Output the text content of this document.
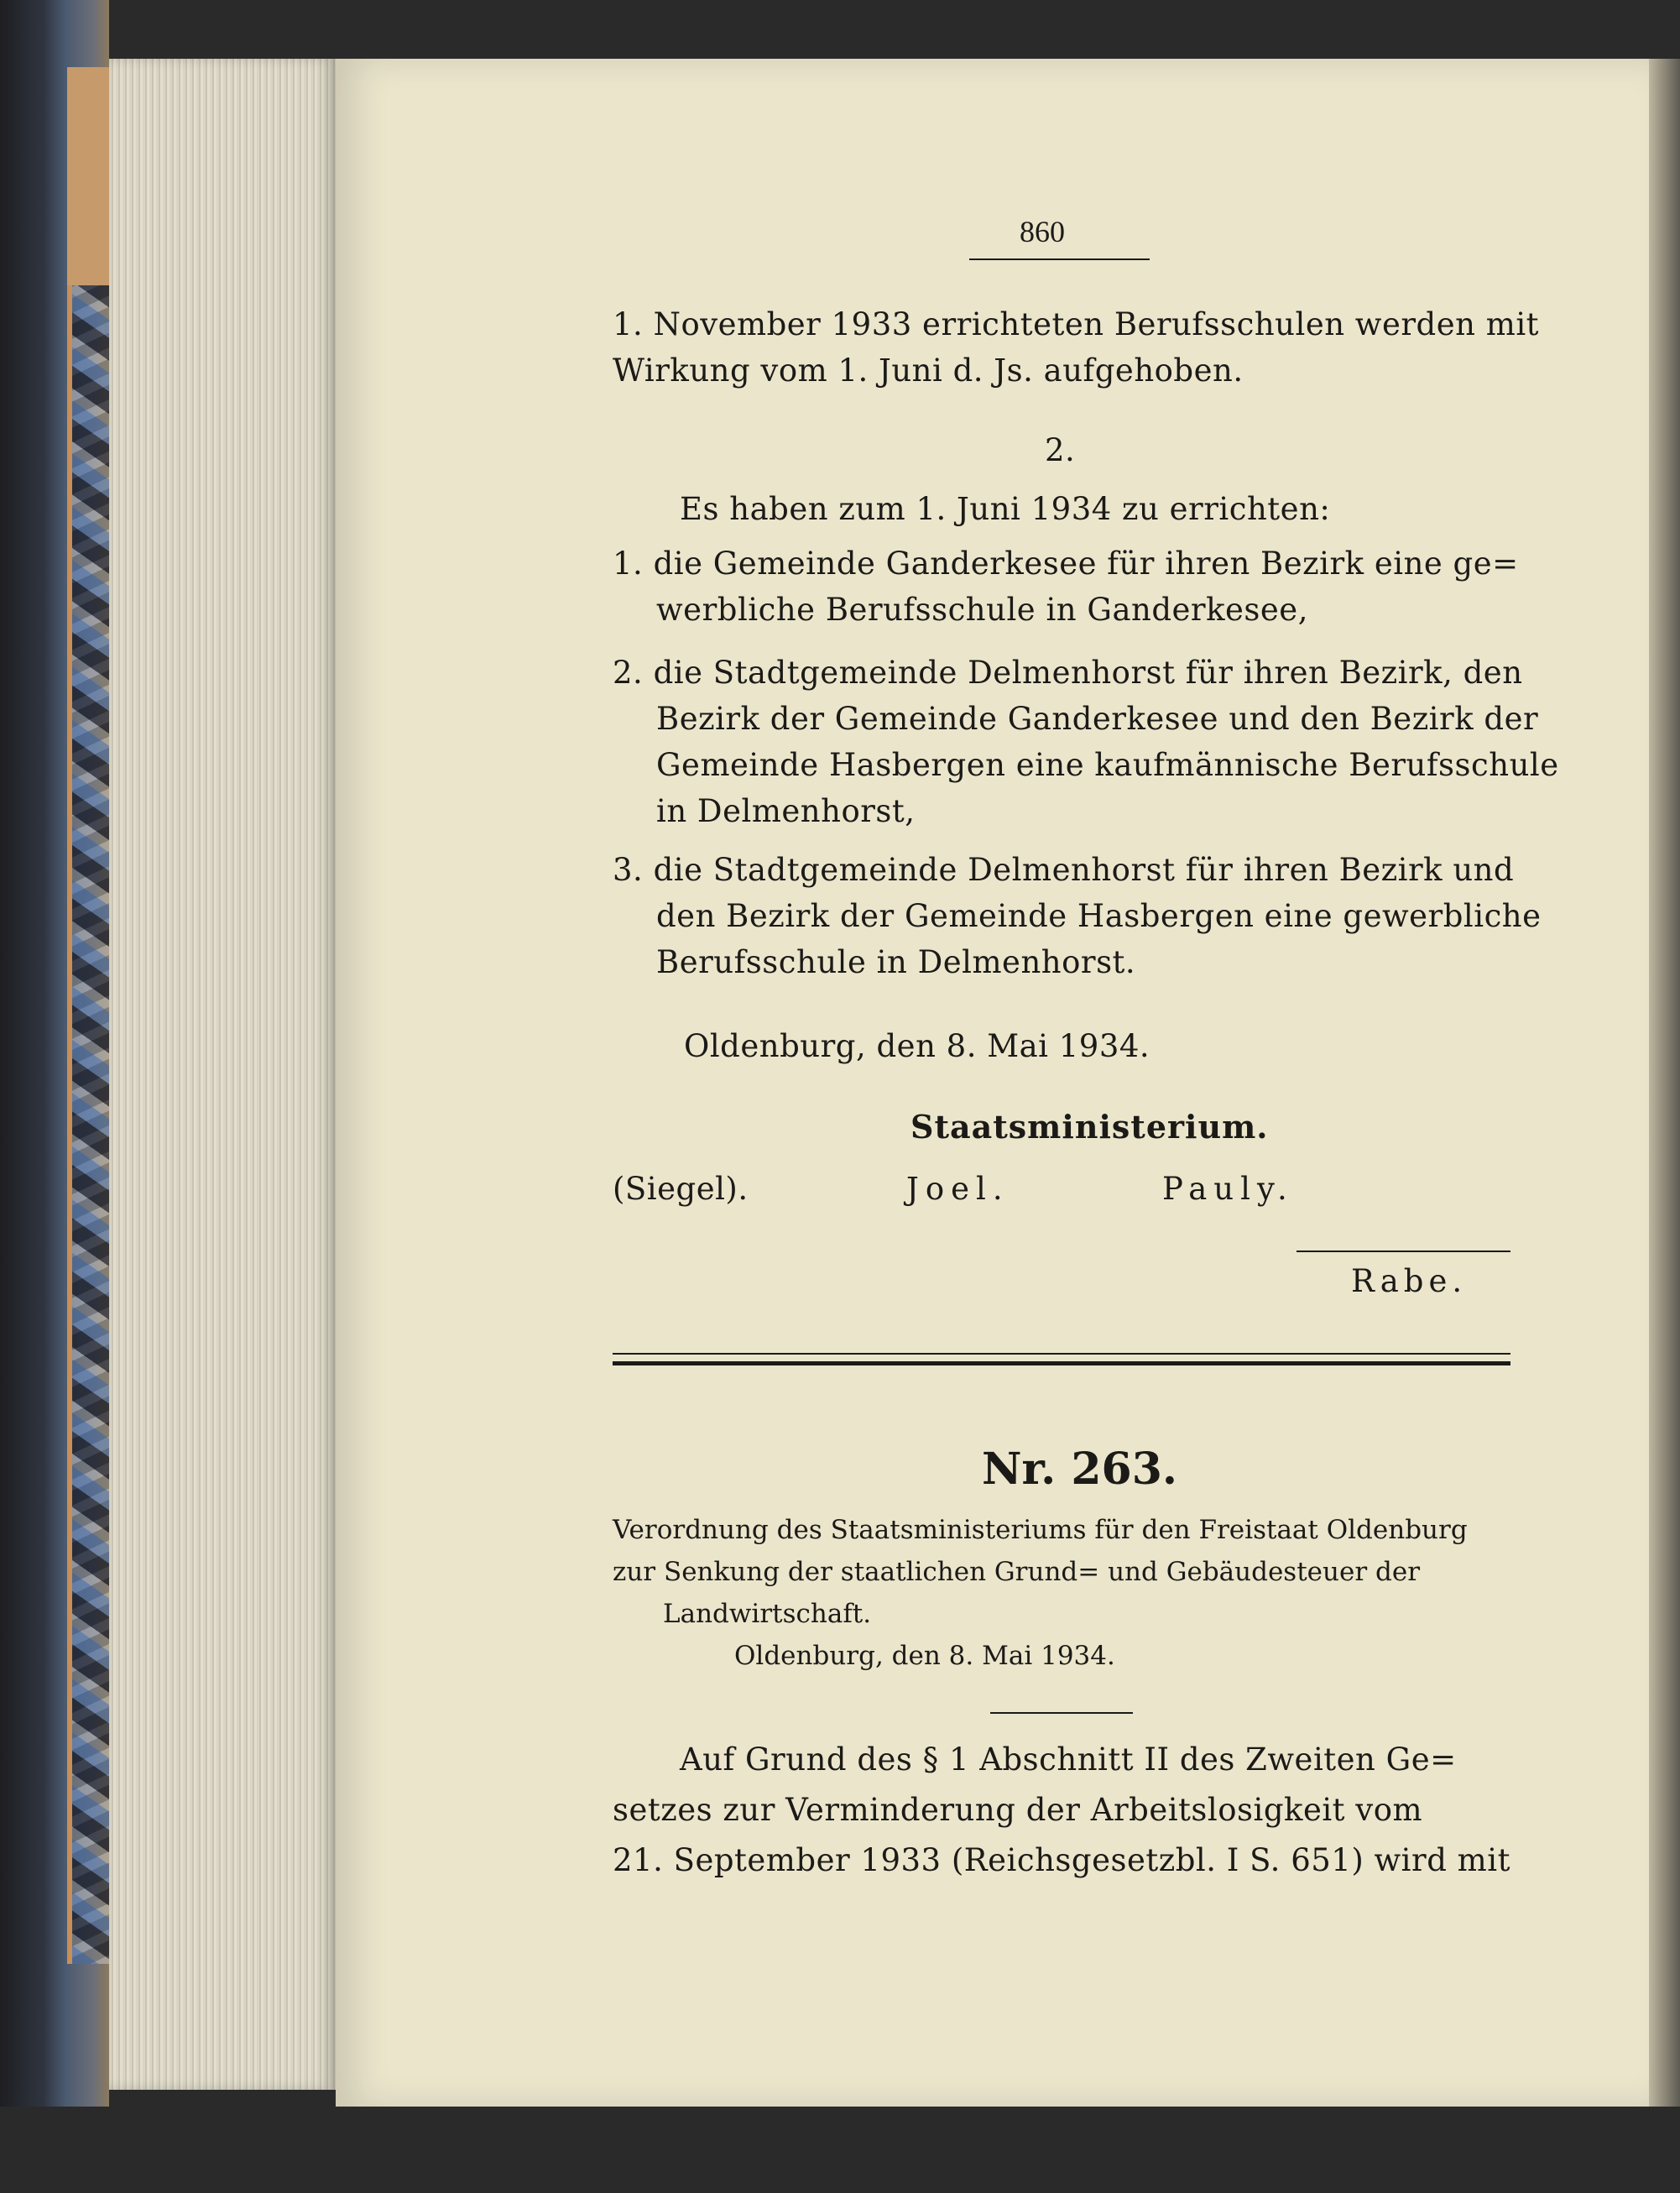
860
1. November 1933 errichteten Berufsschulen werden mit
Wirkung vom 1. Juni d. Js. aufgehoben.
2.
Es haben zum 1. Juni 1934 zu errichten:
1. die Gemeinde Ganderkesee für ihren Bezirk eine ge=
werbliche Berufsschule in Ganderkesee,
2. die Stadtgemeinde Delmenhorst für ihren Bezirk, den
Bezirk der Gemeinde Ganderkesee und den Bezirk der
Gemeinde Hasbergen eine kaufmännische Berufsschule
in Delmenhorst,
3. die Stadtgemeinde Delmenhorst für ihren Bezirk und
den Bezirk der Gemeinde Hasbergen eine gewerbliche
Berufsschule in Delmenhorst.
Oldenburg, den 8. Mai 1934.
Staatsministerium.
(Siegel).	Joel.	Pauly.
Rabe.
Nr. 263.
Verordnung des Staatsministeriums für den Freistaat Oldenburg
zur Senkung der staatlichen Grund= und Gebäudesteuer der
Landwirtschaft.
Oldenburg, den 8. Mai 1934.
Auf Grund des § 1 Abschnitt II des Zweiten Ge=
setzes zur Verminderung der Arbeitslosigkeit vom
21. September 1933 (Reichsgesetzbl. I S. 651) wird mit
